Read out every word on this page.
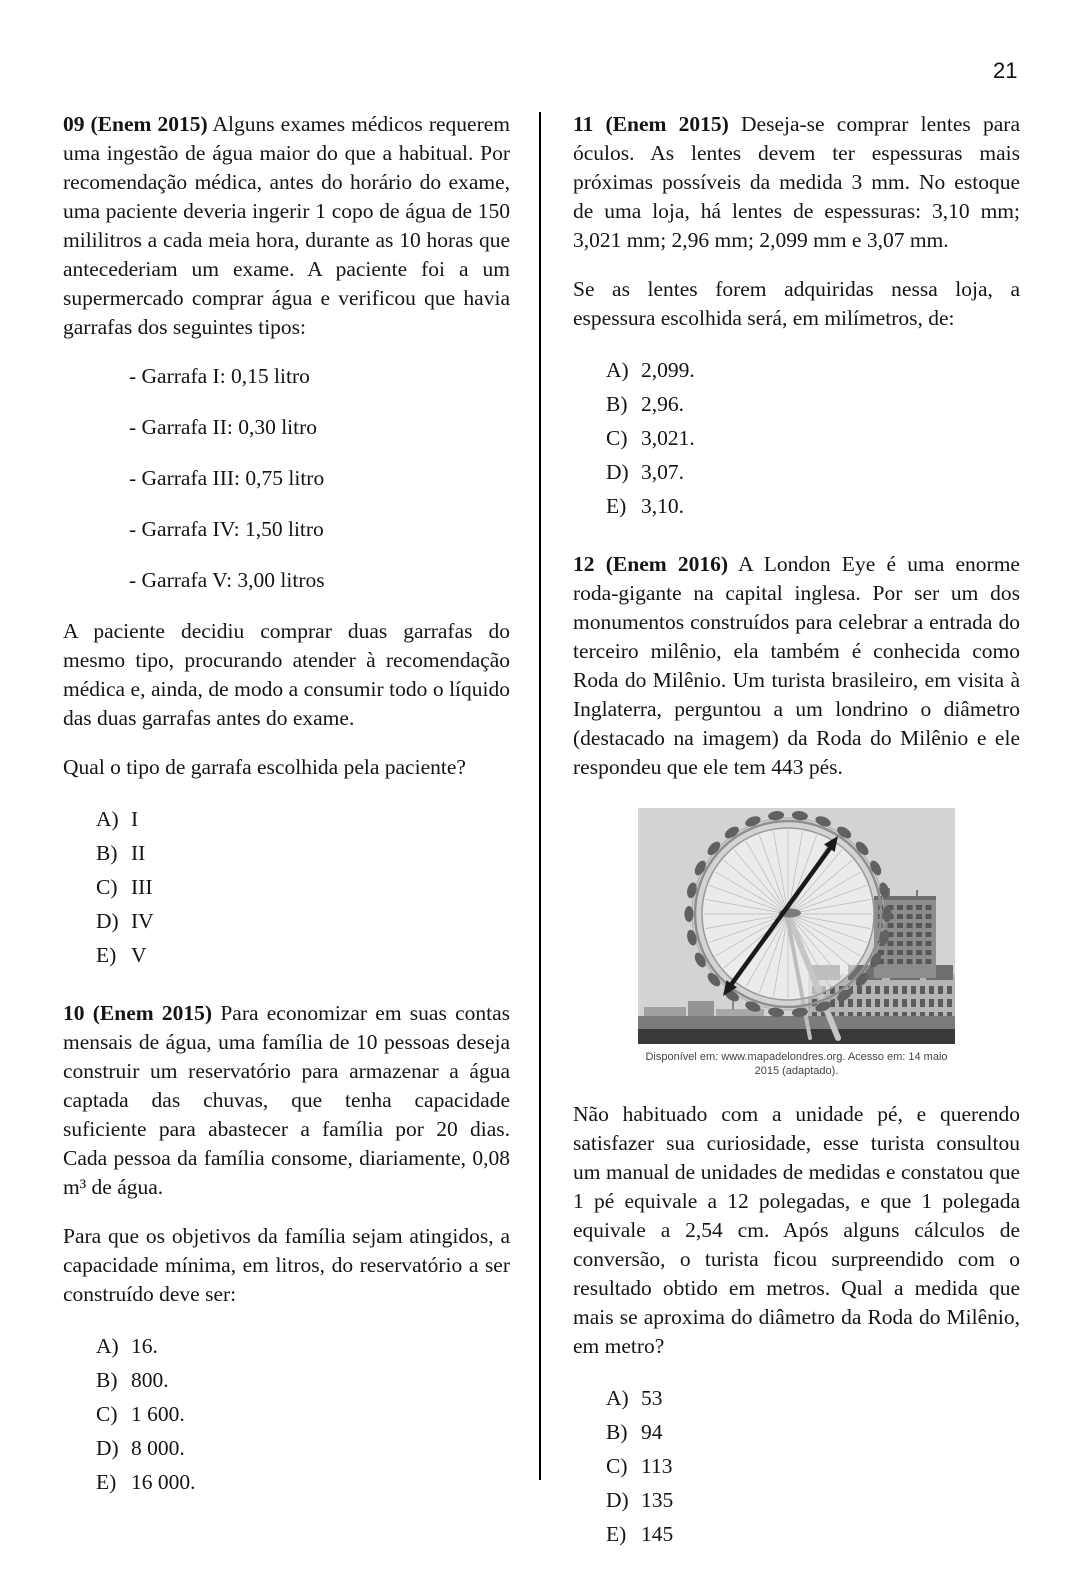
21

09 (Enem 2015) Alguns exames médicos requerem uma ingestão de água maior do que a habitual. Por recomendação médica, antes do horário do exame, uma paciente deveria ingerir 1 copo de água de 150 mililitros a cada meia hora, durante as 10 horas que antecederiam um exame. A paciente foi a um supermercado comprar água e verificou que havia garrafas dos seguintes tipos:

- Garrafa I: 0,15 litro

- Garrafa II: 0,30 litro

- Garrafa III: 0,75 litro

- Garrafa IV: 1,50 litro

- Garrafa V: 3,00 litros

A paciente decidiu comprar duas garrafas do mesmo tipo, procurando atender à recomendação médica e, ainda, de modo a consumir todo o líquido das duas garrafas antes do exame.

Qual o tipo de garrafa escolhida pela paciente?

A) I

B) II

C) III

D) IV

E) V

10 (Enem 2015) Para economizar em suas contas mensais de água, uma família de 10 pessoas deseja construir um reservatório para armazenar a água captada das chuvas, que tenha capacidade suficiente para abastecer a família por 20 dias. Cada pessoa da família consome, diariamente, 0,08 m³ de água.

Para que os objetivos da família sejam atingidos, a capacidade mínima, em litros, do reservatório a ser construído deve ser:

A) 16.

B) 800.

C) 1 600.

D) 8 000.

E) 16 000.

11 (Enem 2015) Deseja-se comprar lentes para óculos. As lentes devem ter espessuras mais próximas possíveis da medida 3 mm. No estoque de uma loja, há lentes de espessuras: 3,10 mm; 3,021 mm; 2,96 mm; 2,099 mm e 3,07 mm.

Se as lentes forem adquiridas nessa loja, a espessura escolhida será, em milímetros, de:

A) 2,099.

B) 2,96.

C) 3,021.

D) 3,07.

E) 3,10.

12 (Enem 2016) A London Eye é uma enorme roda-gigante na capital inglesa. Por ser um dos monumentos construídos para celebrar a entrada do terceiro milênio, ela também é conhecida como Roda do Milênio. Um turista brasileiro, em visita à Inglaterra, perguntou a um londrino o diâmetro (destacado na imagem) da Roda do Milênio e ele respondeu que ele tem 443 pés.

Disponível em: www.mapadelondres.org. Acesso em: 14 maio 2015 (adaptado).

Não habituado com a unidade pé, e querendo satisfazer sua curiosidade, esse turista consultou um manual de unidades de medidas e constatou que 1 pé equivale a 12 polegadas, e que 1 polegada equivale a 2,54 cm. Após alguns cálculos de conversão, o turista ficou surpreendido com o resultado obtido em metros. Qual a medida que mais se aproxima do diâmetro da Roda do Milênio, em metro?

A) 53

B) 94

C) 113

D) 135

E) 145
